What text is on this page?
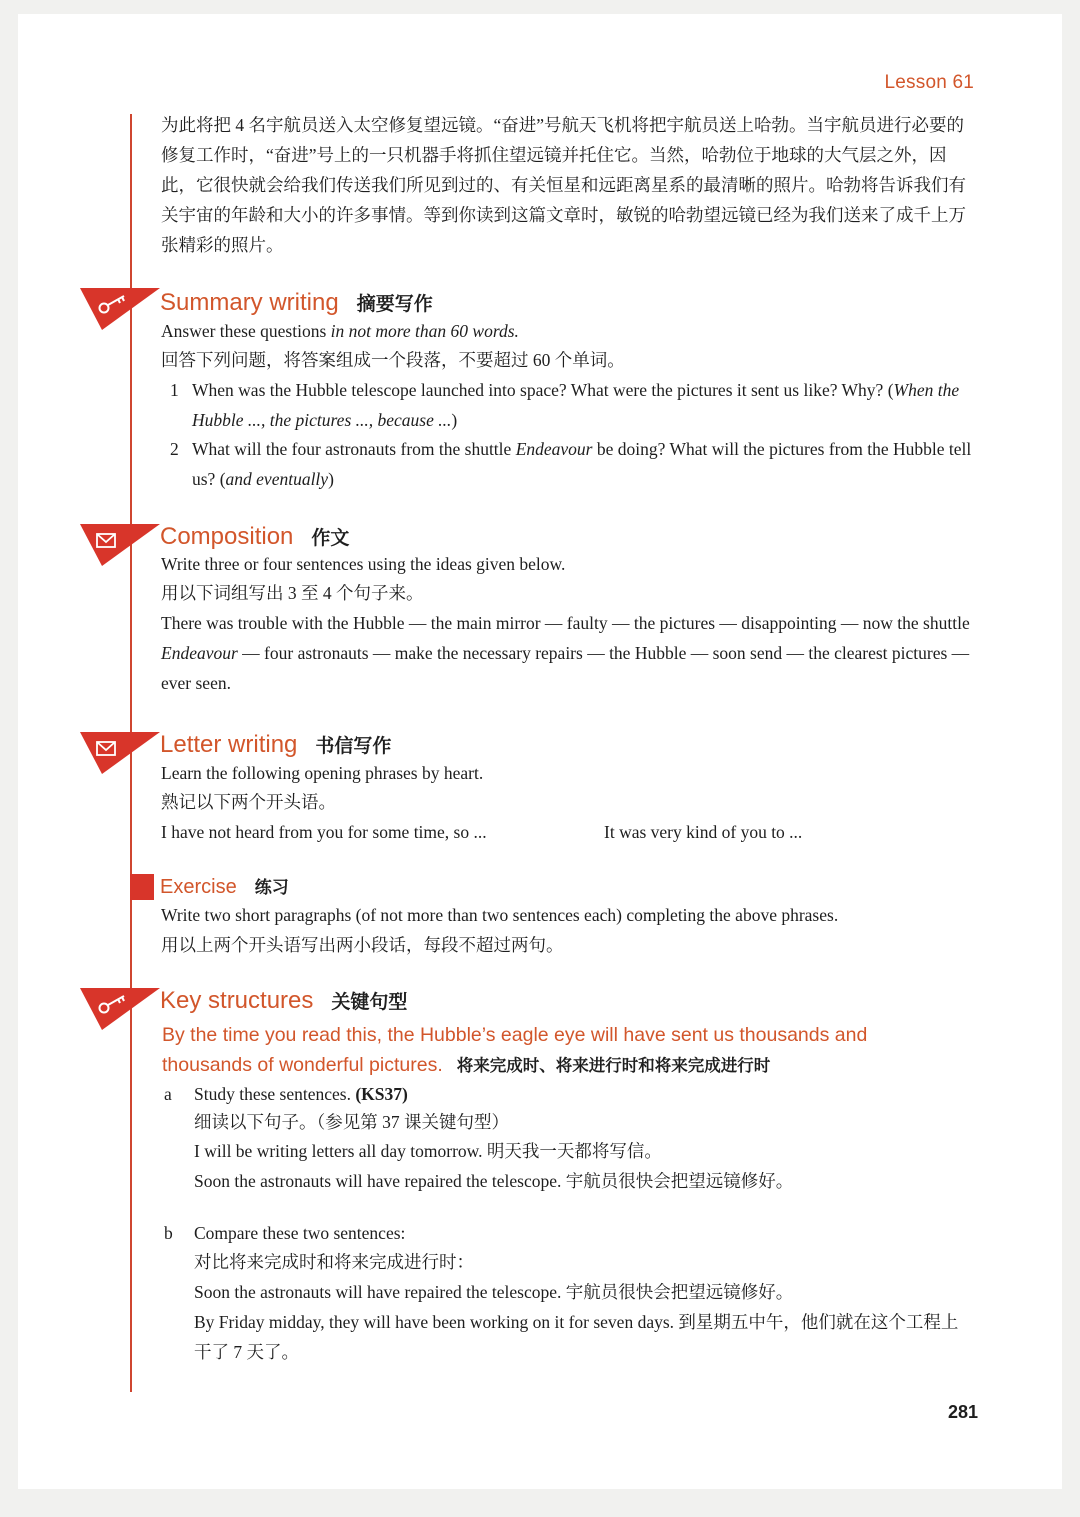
Lesson 61
为此将把 4 名宇航员送入太空修复望远镜。“奋进”号航天飞机将把宇航员送上哈勃。当宇航员进行必要的修复工作时，“奋进”号上的一只机器手将抓住望远镜并托住它。当然，哈勃位于地球的大气层之外，因此，它很快就会给我们传送我们所见到过的、有关恒星和远距离星系的最清晰的照片。哈勃将告诉我们有关宇宙的年龄和大小的许多事情。等到你读到这篇文章时，敏锐的哈勃望远镜已经为我们送来了成千上万张精彩的照片。
Summary writing 摘要写作
Answer these questions in not more than 60 words.
回答下列问题，将答案组成一个段落，不要超过 60 个单词。
1 When was the Hubble telescope launched into space? What were the pictures it sent us like? Why? (When the Hubble ..., the pictures ..., because ...)
2 What will the four astronauts from the shuttle Endeavour be doing? What will the pictures from the Hubble tell us? (and eventually)
Composition 作文
Write three or four sentences using the ideas given below.
用以下词组写出 3 至 4 个句子来。
There was trouble with the Hubble — the main mirror — faulty — the pictures — disappointing — now the shuttle Endeavour — four astronauts — make the necessary repairs — the Hubble — soon send — the clearest pictures — ever seen.
Letter writing 书信写作
Learn the following opening phrases by heart.
熟记以下两个开头语。
I have not heard from you for some time, so ...	It was very kind of you to ...
Exercise 练习
Write two short paragraphs (of not more than two sentences each) completing the above phrases.
用以上两个开头语写出两小段话，每段不超过两句。
Key structures 关键句型
By the time you read this, the Hubble’s eagle eye will have sent us thousands and thousands of wonderful pictures. 将来完成时、将来进行时和将来完成进行时
a Study these sentences. (KS37)
细读以下句子。（参见第 37 课关键句型）
I will be writing letters all day tomorrow. 明天我一天都将写信。
Soon the astronauts will have repaired the telescope. 宇航员很快会把望远镜修好。
b Compare these two sentences:
对比将来完成时和将来完成进行时：
Soon the astronauts will have repaired the telescope. 宇航员很快会把望远镜修好。
By Friday midday, they will have been working on it for seven days. 到星期五中午，他们就在这个工程上干了 7 天了。
281
